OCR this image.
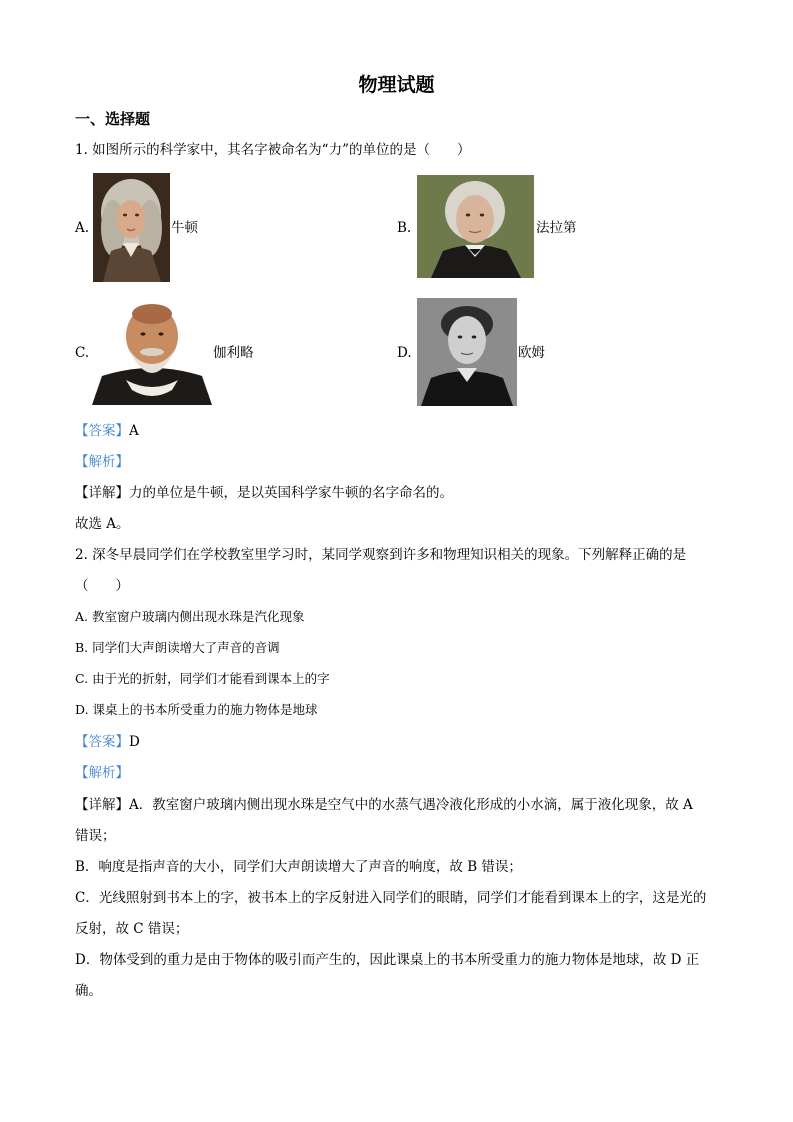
物理试题
一、选择题
1. 如图所示的科学家中，其名字被命名为“力”的单位的是（　　）
A.	牛顿	B.	法拉第
C.	伽利略	D.	欧姆
【答案】A
【解析】
【详解】力的单位是牛顿，是以英国科学家牛顿的名字命名的。
故选 A。
2. 深冬早晨同学们在学校教室里学习时，某同学观察到许多和物理知识相关的现象。下列解释正确的是
（　　）
A. 教室窗户玻璃内侧出现水珠是汽化现象
B. 同学们大声朗读增大了声音的音调
C. 由于光的折射，同学们才能看到课本上的字
D. 课桌上的书本所受重力的施力物体是地球
【答案】D
【解析】
【详解】A．教室窗户玻璃内侧出现水珠是空气中的水蒸气遇冷液化形成的小水滴，属于液化现象，故 A
错误；
B．响度是指声音的大小，同学们大声朗读增大了声音的响度，故 B 错误；
C．光线照射到书本上的字，被书本上的字反射进入同学们的眼睛，同学们才能看到课本上的字，这是光的
反射，故 C 错误；
D．物体受到的重力是由于物体的吸引而产生的，因此课桌上的书本所受重力的施力物体是地球，故 D 正
确。
